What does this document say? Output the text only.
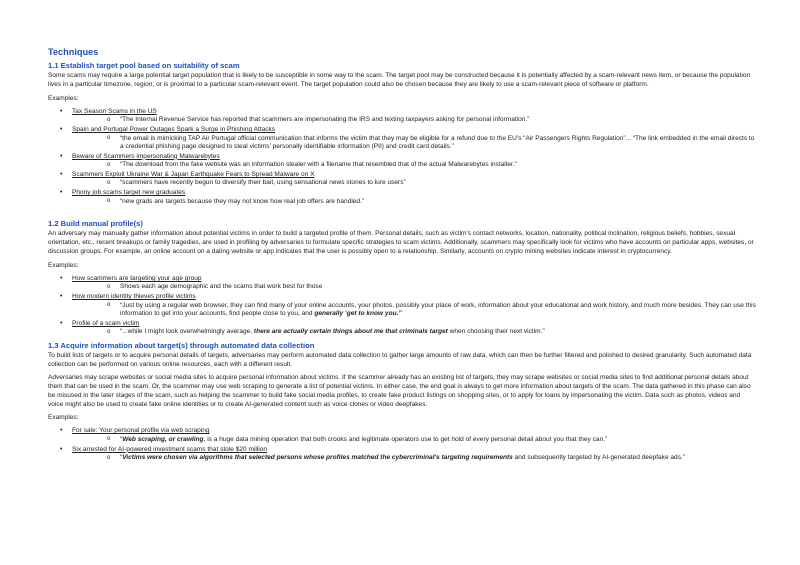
Techniques
1.1 Establish target pool based on suitability of scam

Some scams may require a large potential target population that is likely to be susceptible in some way to the scam. The target pool may be constructed because it is potentially affected by a scam-relevant news item, or because the population lives in a particular timezone, region, or is proximal to a particular scam-relevant event. The target population could also be chosen because they are likely to use a scam-relevant piece of software or platform.

Examples:

• Tax Season Scams in the US
o “The Internal Revenue Service has reported that scammers are impersonating the IRS and texting taxpayers asking for personal information.”
• Spain and Portugal Power Outages Spark a Surge in Phishing Attacks
o “the email is mimicking TAP Air Portugal official communication that informs the victim that they may be eligible for a refund due to the EU’s “Air Passengers Rights Regulation”... “The link embedded in the email directs to a credential phishing page designed to steal victims’ personally identifiable information (PII) and credit card details.”
• Beware of Scammers impersonating Malwarebytes
o “The download from the fake website was an information stealer with a filename that resembled that of the actual Malwarebytes installer.”
• Scammers Exploit Ukraine War & Japan Earthquake Fears to Spread Malware on X
o “scammers have recently begun to diversify their bait, using sensational news stories to lure users”
• Phony job scams target new graduates
o “new grads are targets because they may not know how real job offers are handled.”
1.2 Build manual profile(s)

An adversary may manually gather information about potential victims in order to build a targeted profile of them. Personal details, such as victim's contact networks, location, nationality, political inclination, religious beliefs, hobbies, sexual orientation, etc., recent breakups or family tragedies, are used in profiling by adversaries to formulate specific strategies to scam victims. Additionally, scammers may specifically look for victims who have accounts on particular apps, websites, or discussion groups. For example, an online account on a dating website or app indicates that the user is possibly open to a relationship. Similarly, accounts on crypto mining websites indicate interest in cryptocurrency.

Examples:

• How scammers are targeting your age group
o Shows each age demographic and the scams that work best for those
• How modern identity thieves profile victims
o “Just by using a regular web browser, they can find many of your online accounts, your photos, possibly your place of work, information about your educational and work history, and much more besides. They can use this information to get into your accounts, find people close to you, and generally ‘get to know you.’”
• Profile of a scam victim
o “...while I might look overwhelmingly average, there are actually certain things about me that criminals target when choosing their next victim.”
1.3 Acquire information about target(s) through automated data collection

To build lists of targets or to acquire personal details of targets, adversaries may perform automated data collection to gather large amounts of raw data, which can then be further filtered and polished to desired granularity. Such automated data collection can be performed on various online resources, each with a different result.

Adversaries may scrape websites or social media sites to acquire personal information about victims. If the scammer already has an existing list of targets, they may scrape websites or social media sites to find additional personal details about them that can be used in the scam. Or, the scammer may use web scraping to generate a list of potential victims. In either case, the end goal is always to get more information about targets of the scam. The data gathered in this phase can also be misused in the later stages of the scam, such as helping the scammer to build fake social media profiles, to create fake product listings on shopping sites, or to apply for loans by impersonating the victim. Data such as photos, videos and voice might also be used to create fake online identities or to create AI-generated content such as voice clones or video deepfakes.

Examples:

• For sale: Your personal profile via web scraping
o “Web scraping, or crawling, is a huge data mining operation that both crooks and legitimate operators use to get hold of every personal detail about you that they can.”
• Six arrested for AI-powered investment scams that stole $20 million
o “Victims were chosen via algorithms that selected persons whose profiles matched the cybercriminal's targeting requirements and subsequently targeted by AI-generated deepfake ads.”
